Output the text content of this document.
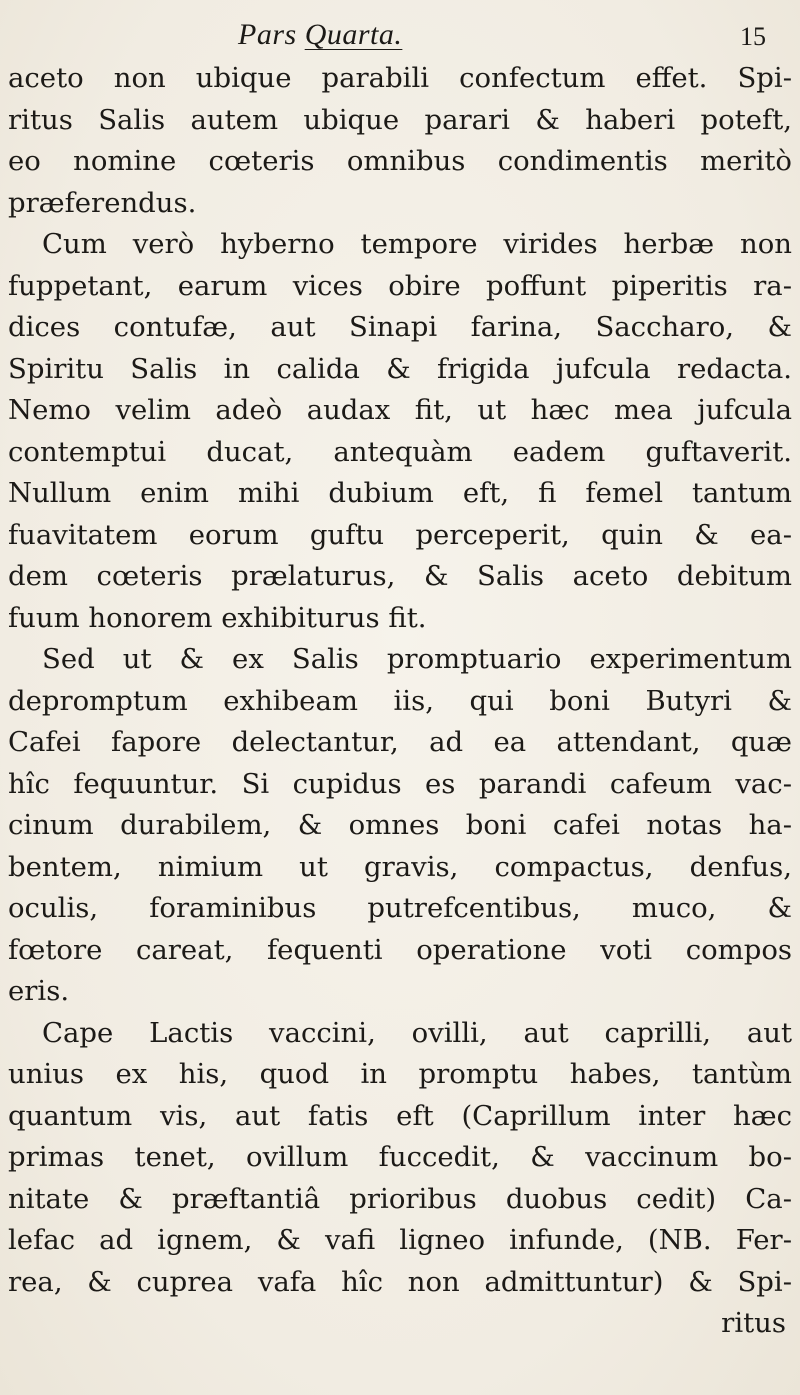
Pars Quarta.	15
aceto non ubique parabili confectum effet. Spi-
ritus Salis autem ubique parari & haberi poteft,
eo nomine cœteris omnibus condimentis meritò
præferendus.
Cum verò hyberno tempore virides herbæ non
fuppetant, earum vices obire poffunt piperitis ra-
dices contufæ, aut Sinapi farina, Saccharo, &
Spiritu Salis in calida & frigida jufcula redacta.
Nemo velim adeò audax fit, ut hæc mea jufcula
contemptui ducat, antequàm eadem guftaverit.
Nullum enim mihi dubium eft, fi femel tantum
fuavitatem eorum guftu perceperit, quin & ea-
dem cœteris prælaturus, & Salis aceto debitum
fuum honorem exhibiturus fit.
Sed ut & ex Salis promptuario experimentum
depromptum exhibeam iis, qui boni Butyri &
Cafei fapore delectantur, ad ea attendant, quæ
hîc fequuntur. Si cupidus es parandi cafeum vac-
cinum durabilem, & omnes boni cafei notas ha-
bentem, nimium ut gravis, compactus, denfus,
oculis, foraminibus putrefcentibus, muco, &
fœtore careat, fequenti operatione voti compos
eris.
Cape Lactis vaccini, ovilli, aut caprilli, aut
unius ex his, quod in promptu habes, tantùm
quantum vis, aut fatis eft (Caprillum inter hæc
primas tenet, ovillum fuccedit, & vaccinum bo-
nitate & præftantiâ prioribus duobus cedit) Ca-
lefac ad ignem, & vafi ligneo infunde, (NB. Fer-
rea, & cuprea vafa hîc non admittuntur) & Spi-
ritus
